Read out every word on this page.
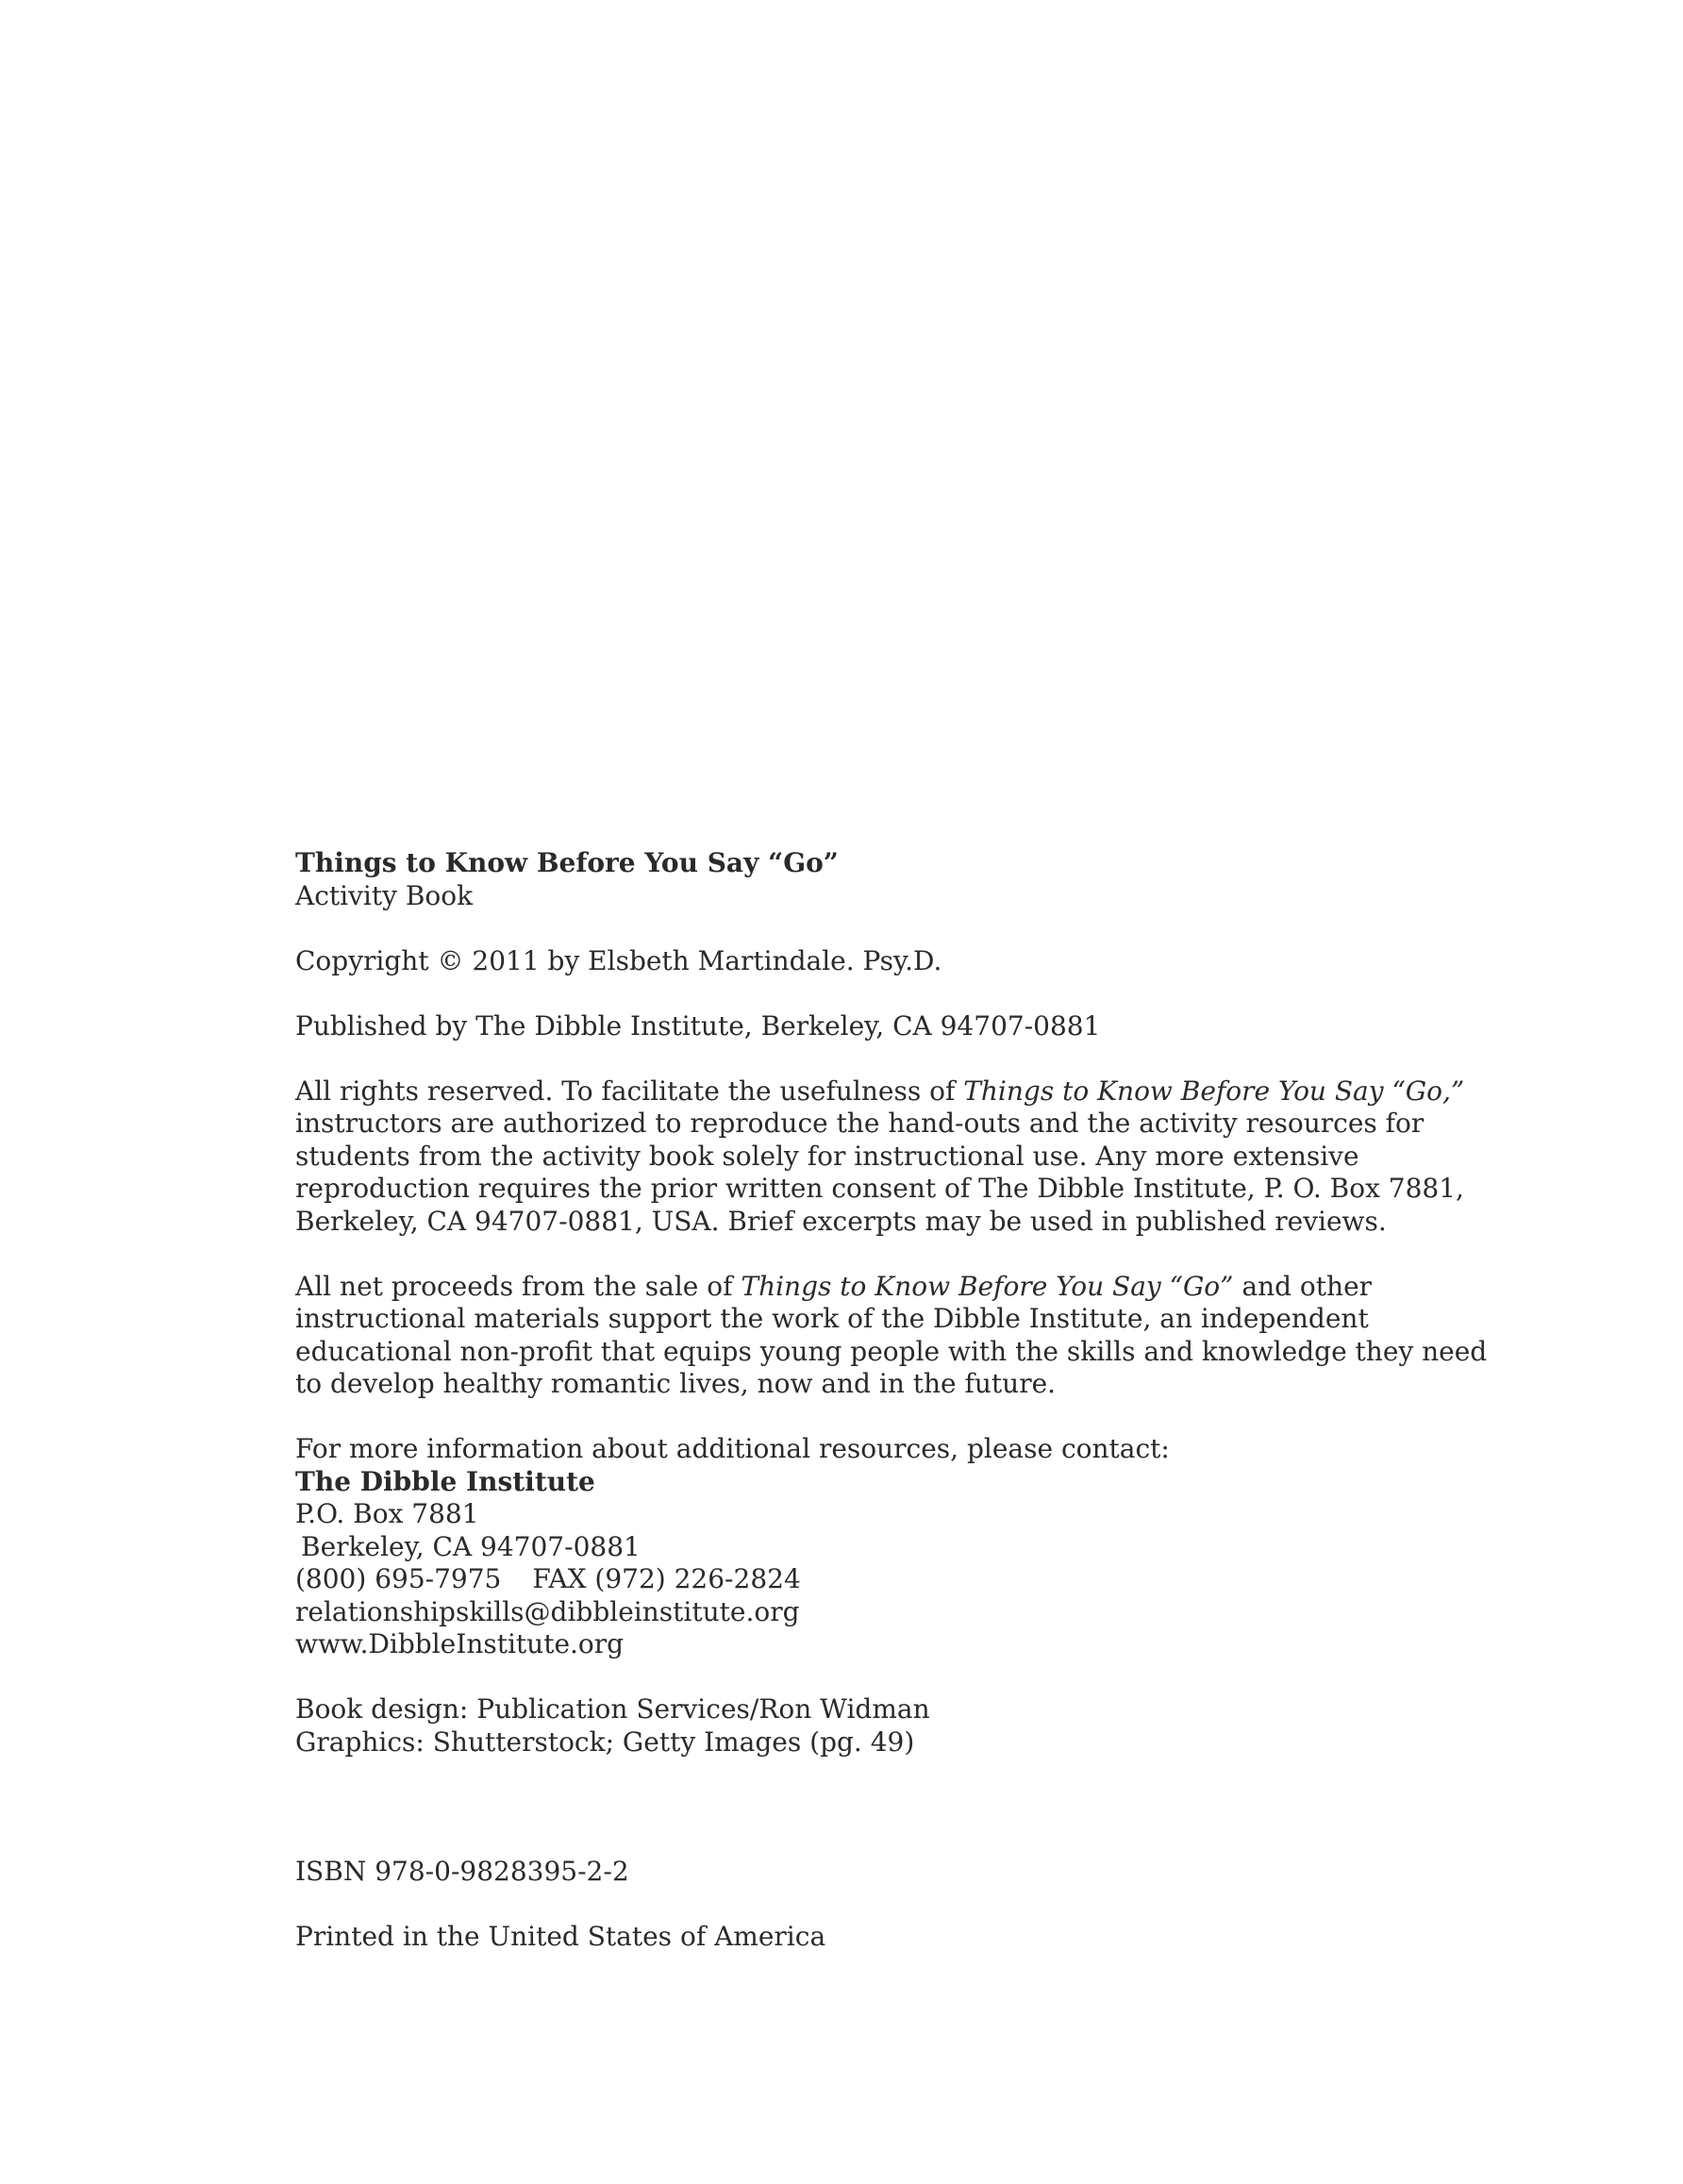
Things to Know Before You Say “Go”
Activity Book
Copyright © 2011 by Elsbeth Martindale. Psy.D.
Published by The Dibble Institute, Berkeley, CA 94707-0881

All rights reserved. To facilitate the usefulness of Things to Know Before You Say “Go,” instructors are authorized to reproduce the hand-outs and the activity resources for students from the activity book solely for instructional use. Any more extensive reproduction requires the prior written consent of The Dibble Institute, P. O. Box 7881, Berkeley, CA 94707-0881, USA. Brief excerpts may be used in published reviews.

All net proceeds from the sale of Things to Know Before You Say “Go” and other instructional materials support the work of the Dibble Institute, an independent educational non-profit that equips young people with the skills and knowledge they need to develop healthy romantic lives, now and in the future.

For more information about additional resources, please contact:
The Dibble Institute
P.O. Box 7881
Berkeley, CA 94707-0881
(800) 695-7975 FAX (972) 226-2824
relationshipskills@dibbleinstitute.org
www.DibbleInstitute.org
Book design: Publication Services/Ron Widman
Graphics: Shutterstock; Getty Images (pg. 49)
ISBN 978-0-9828395-2-2
Printed in the United States of America
